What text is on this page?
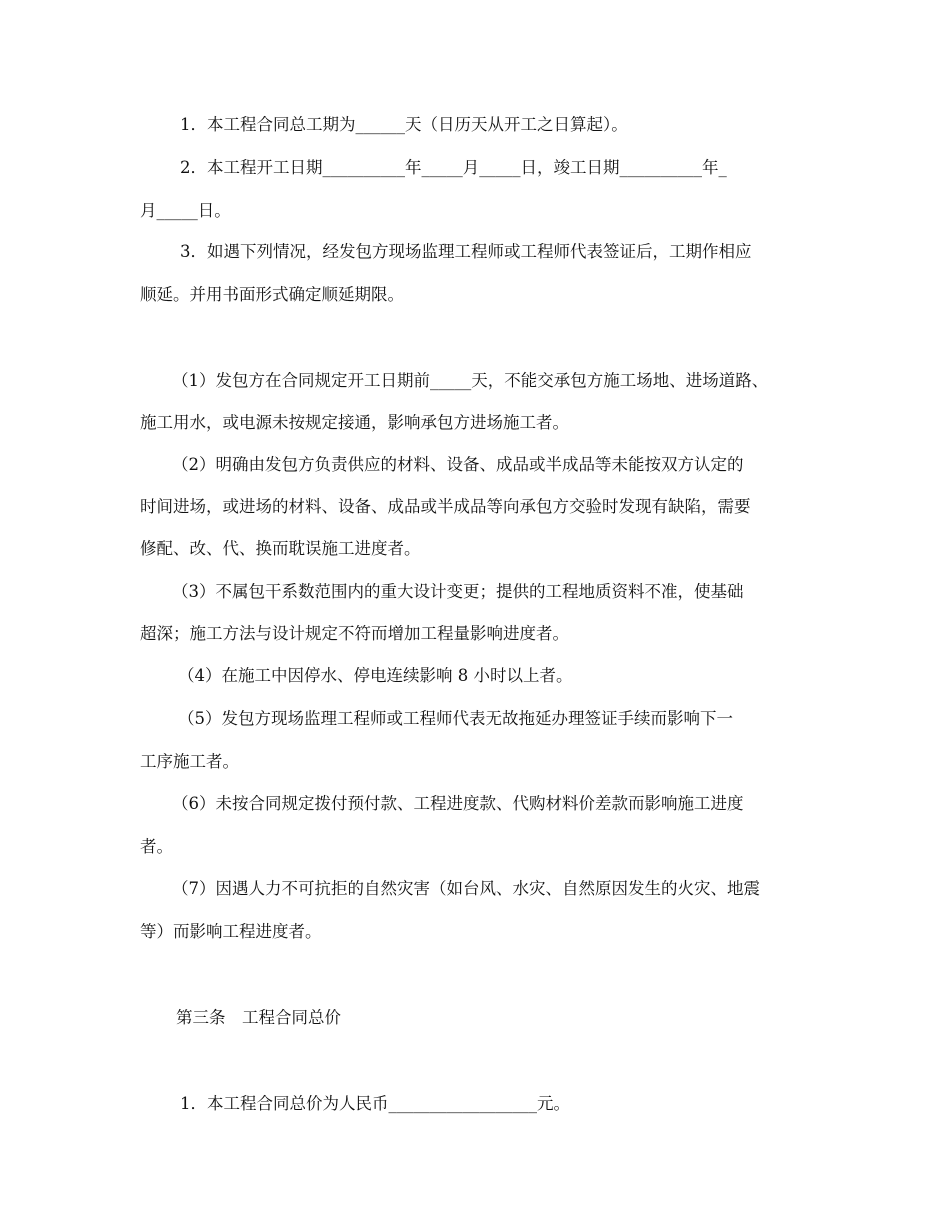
1．本工程合同总工期为______天（日历天从开工之日算起）。
2．本工程开工日期__________年_____月_____日，竣工日期__________年_
月_____日。
3．如遇下列情况，经发包方现场监理工程师或工程师代表签证后，工期作相应
顺延。并用书面形式确定顺延期限。
（1）发包方在合同规定开工日期前_____天，不能交承包方施工场地、进场道路、
施工用水，或电源未按规定接通，影响承包方进场施工者。
（2）明确由发包方负责供应的材料、设备、成品或半成品等未能按双方认定的
时间进场，或进场的材料、设备、成品或半成品等向承包方交验时发现有缺陷，需要
修配、改、代、换而耽误施工进度者。
（3）不属包干系数范围内的重大设计变更；提供的工程地质资料不准，使基础
超深；施工方法与设计规定不符而增加工程量影响进度者。
（4）在施工中因停水、停电连续影响 8 小时以上者。
（5）发包方现场监理工程师或工程师代表无故拖延办理签证手续而影响下一
工序施工者。
（6）未按合同规定拨付预付款、工程进度款、代购材料价差款而影响施工进度
者。
（7）因遇人力不可抗拒的自然灾害（如台风、水灾、自然原因发生的火灾、地震
等）而影响工程进度者。
第三条　工程合同总价
1．本工程合同总价为人民币__________________元。
